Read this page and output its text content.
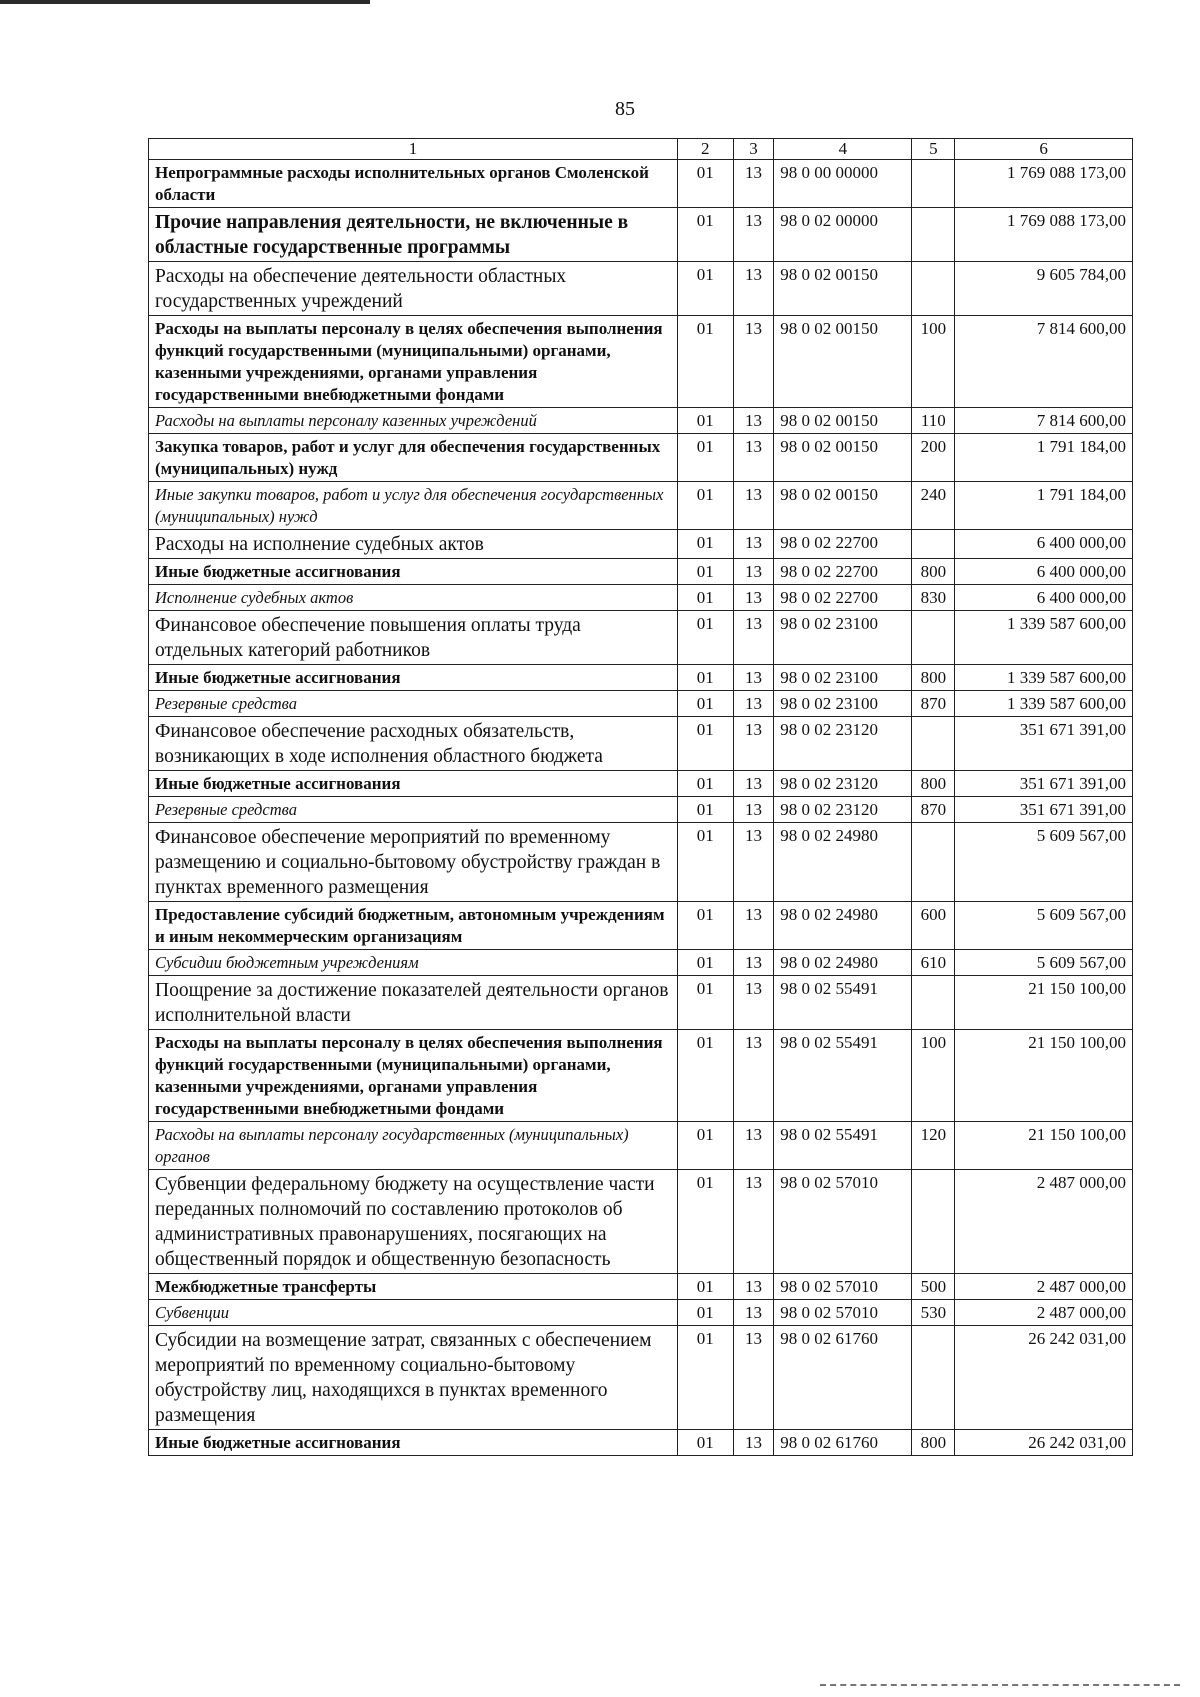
85
1	2	3	4	5	6
Непрограммные расходы исполнительных органов Смоленской области	01	13	98 0 00 00000		1 769 088 173,00
Прочие направления деятельности, не включенные в областные государственные программы	01	13	98 0 02 00000		1 769 088 173,00
Расходы на обеспечение деятельности областных государственных учреждений	01	13	98 0 02 00150		9 605 784,00
Расходы на выплаты персоналу в целях обеспечения выполнения функций государственными (муниципальными) органами, казенными учреждениями, органами управления государственными внебюджетными фондами	01	13	98 0 02 00150	100	7 814 600,00
Расходы на выплаты персоналу казенных учреждений	01	13	98 0 02 00150	110	7 814 600,00
Закупка товаров, работ и услуг для обеспечения государственных (муниципальных) нужд	01	13	98 0 02 00150	200	1 791 184,00
Иные закупки товаров, работ и услуг для обеспечения государственных (муниципальных) нужд	01	13	98 0 02 00150	240	1 791 184,00
Расходы на исполнение судебных актов	01	13	98 0 02 22700		6 400 000,00
Иные бюджетные ассигнования	01	13	98 0 02 22700	800	6 400 000,00
Исполнение судебных актов	01	13	98 0 02 22700	830	6 400 000,00
Финансовое обеспечение повышения оплаты труда отдельных категорий работников	01	13	98 0 02 23100		1 339 587 600,00
Иные бюджетные ассигнования	01	13	98 0 02 23100	800	1 339 587 600,00
Резервные средства	01	13	98 0 02 23100	870	1 339 587 600,00
Финансовое обеспечение расходных обязательств, возникающих в ходе исполнения областного бюджета	01	13	98 0 02 23120		351 671 391,00
Иные бюджетные ассигнования	01	13	98 0 02 23120	800	351 671 391,00
Резервные средства	01	13	98 0 02 23120	870	351 671 391,00
Финансовое обеспечение мероприятий по временному размещению и социально-бытовому обустройству граждан в пунктах временного размещения	01	13	98 0 02 24980		5 609 567,00
Предоставление субсидий бюджетным, автономным учреждениям и иным некоммерческим организациям	01	13	98 0 02 24980	600	5 609 567,00
Субсидии бюджетным учреждениям	01	13	98 0 02 24980	610	5 609 567,00
Поощрение за достижение показателей деятельности органов исполнительной власти	01	13	98 0 02 55491		21 150 100,00
Расходы на выплаты персоналу в целях обеспечения выполнения функций государственными (муниципальными) органами, казенными учреждениями, органами управления государственными внебюджетными фондами	01	13	98 0 02 55491	100	21 150 100,00
Расходы на выплаты персоналу государственных (муниципальных) органов	01	13	98 0 02 55491	120	21 150 100,00
Субвенции федеральному бюджету на осуществление части переданных полномочий по составлению протоколов об административных правонарушениях, посягающих на общественный порядок и общественную безопасность	01	13	98 0 02 57010		2 487 000,00
Межбюджетные трансферты	01	13	98 0 02 57010	500	2 487 000,00
Субвенции	01	13	98 0 02 57010	530	2 487 000,00
Субсидии на возмещение затрат, связанных с обеспечением мероприятий по временному социально-бытовому обустройству лиц, находящихся в пунктах временного размещения	01	13	98 0 02 61760		26 242 031,00
Иные бюджетные ассигнования	01	13	98 0 02 61760	800	26 242 031,00
